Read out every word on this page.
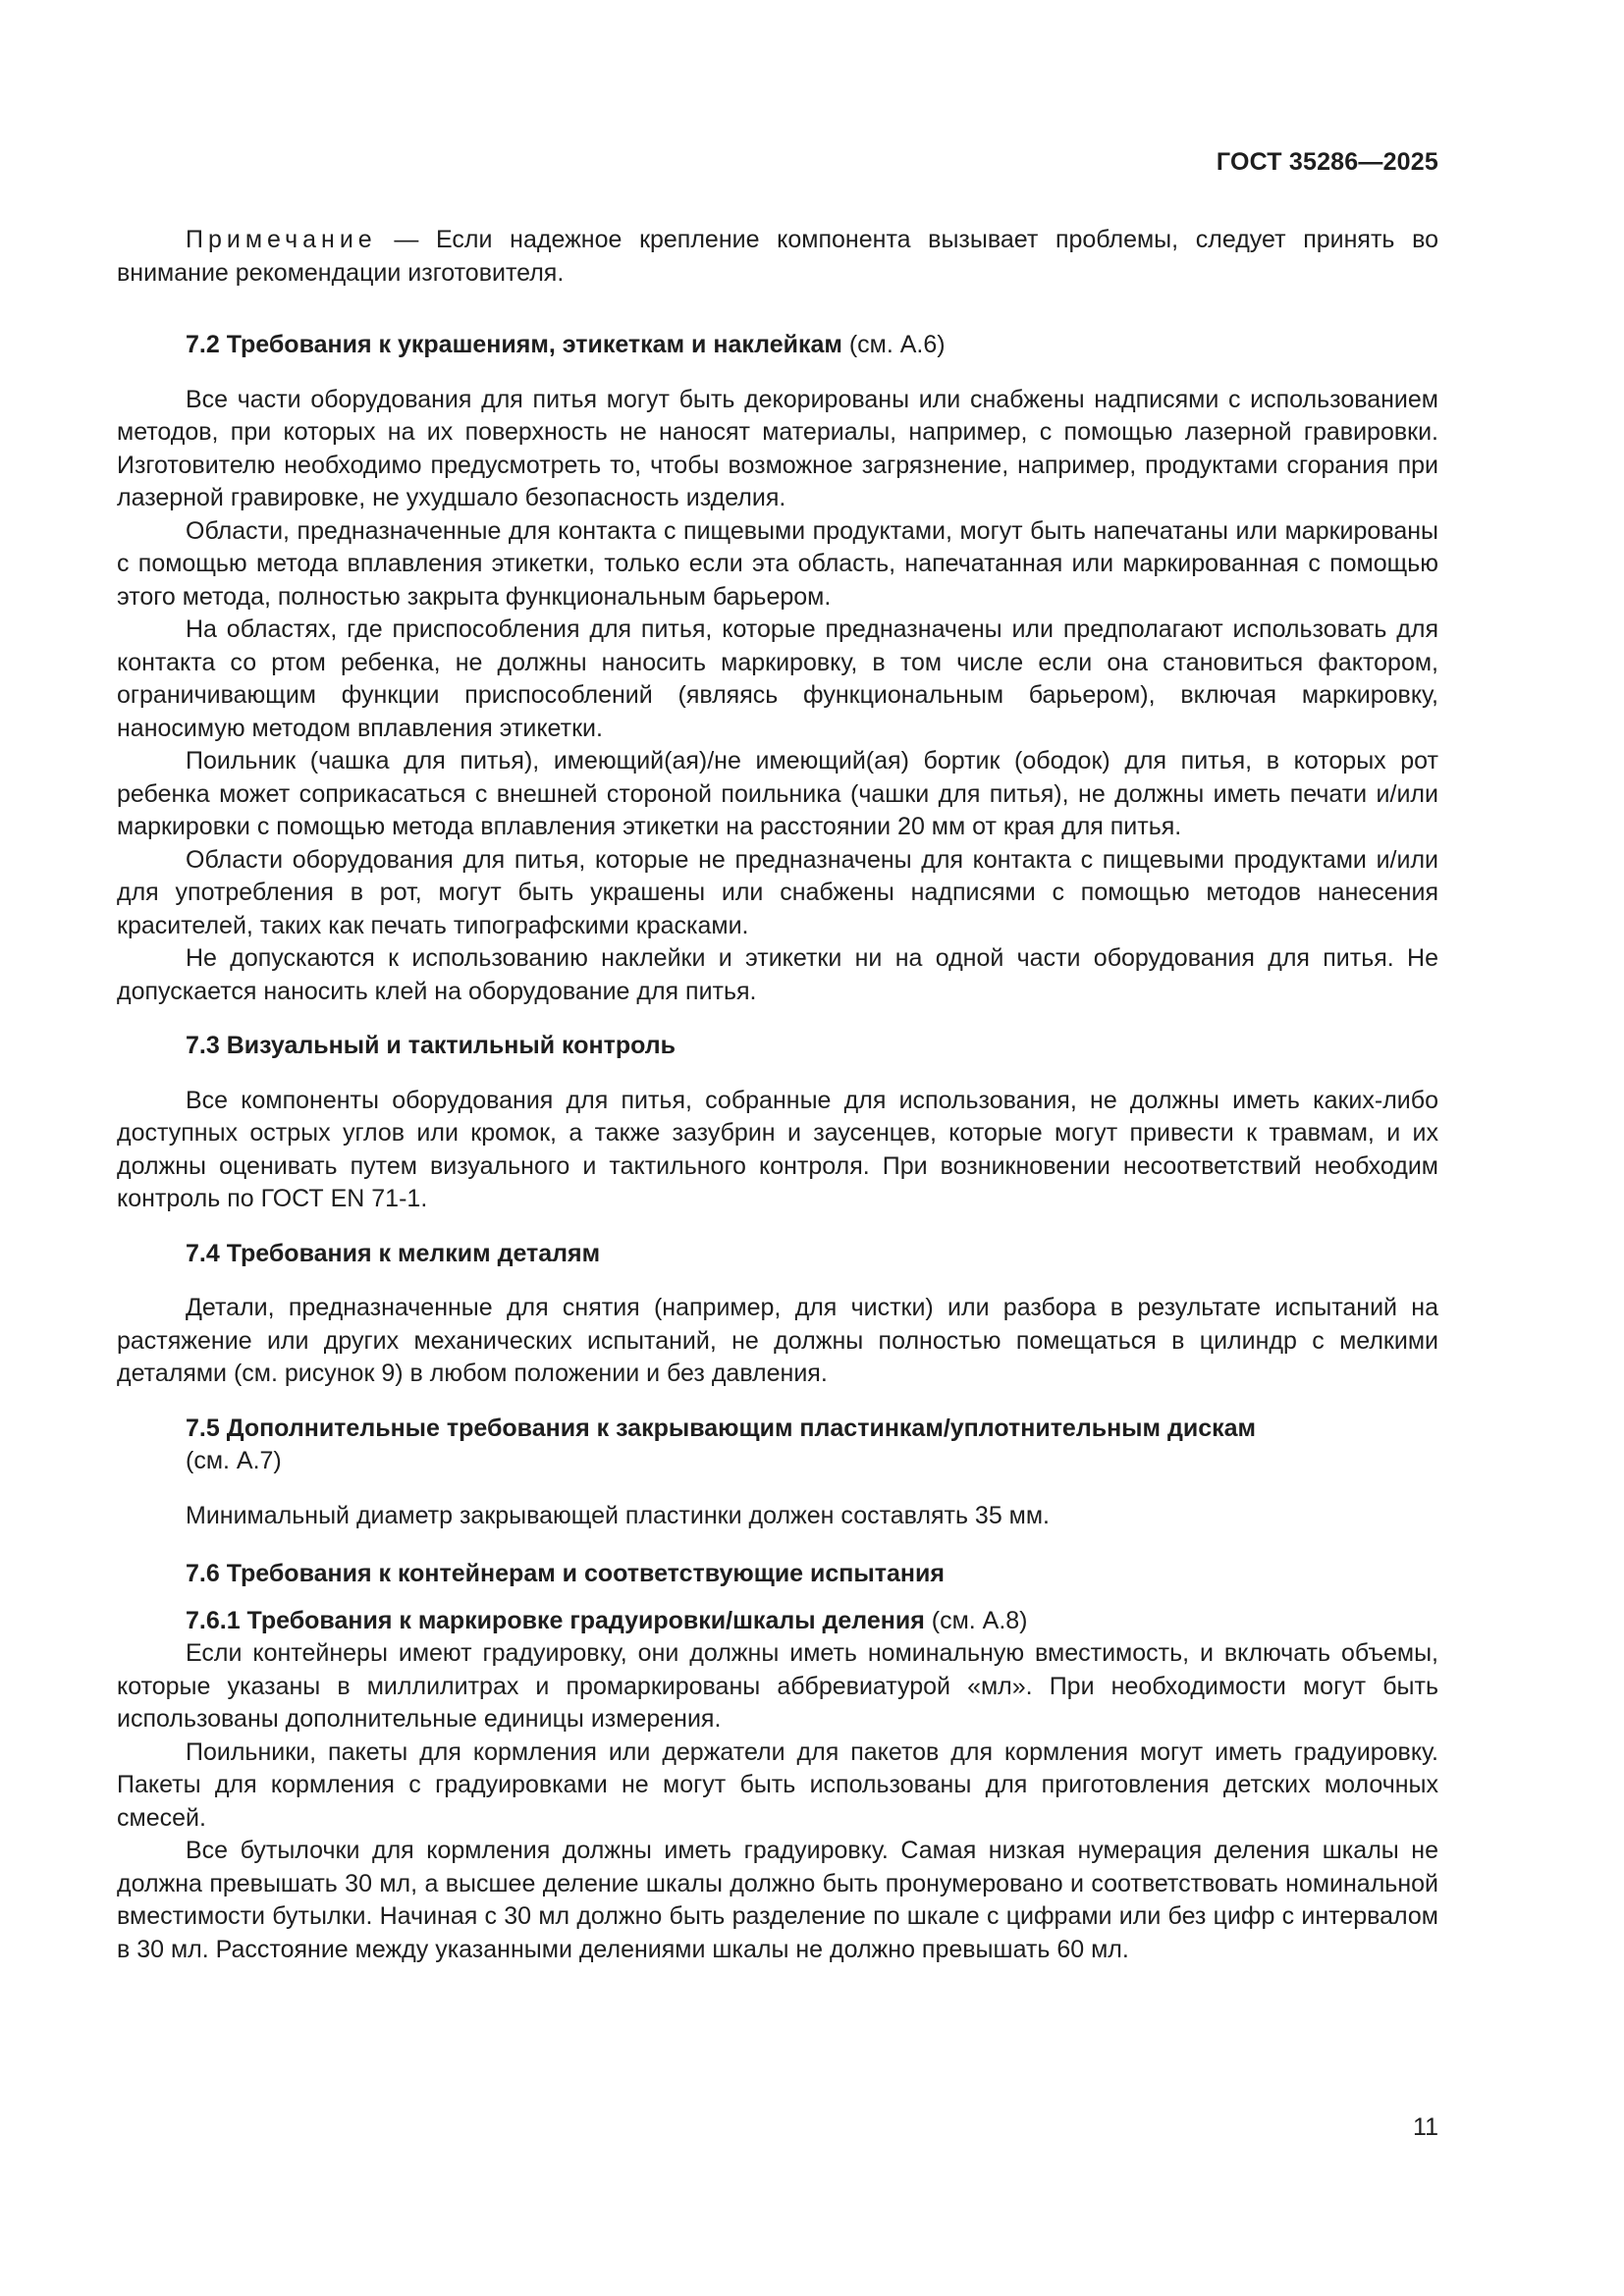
ГОСТ 35286—2025

Примечание — Если надежное крепление компонента вызывает проблемы, следует принять во внимание рекомендации изготовителя.

7.2 Требования к украшениям, этикеткам и наклейкам (см. А.6)

Все части оборудования для питья могут быть декорированы или снабжены надписями с использованием методов, при которых на их поверхность не наносят материалы, например, с помощью лазерной гравировки. Изготовителю необходимо предусмотреть то, чтобы возможное загрязнение, например, продуктами сгорания при лазерной гравировке, не ухудшало безопасность изделия.

Области, предназначенные для контакта с пищевыми продуктами, могут быть напечатаны или маркированы с помощью метода вплавления этикетки, только если эта область, напечатанная или маркированная с помощью этого метода, полностью закрыта функциональным барьером.

На областях, где приспособления для питья, которые предназначены или предполагают использовать для контакта со ртом ребенка, не должны наносить маркировку, в том числе если она становиться фактором, ограничивающим функции приспособлений (являясь функциональным барьером), включая маркировку, наносимую методом вплавления этикетки.

Поильник (чашка для питья), имеющий(ая)/не имеющий(ая) бортик (ободок) для питья, в которых рот ребенка может соприкасаться с внешней стороной поильника (чашки для питья), не должны иметь печати и/или маркировки с помощью метода вплавления этикетки на расстоянии 20 мм от края для питья.

Области оборудования для питья, которые не предназначены для контакта с пищевыми продуктами и/или для употребления в рот, могут быть украшены или снабжены надписями с помощью методов нанесения красителей, таких как печать типографскими красками.

Не допускаются к использованию наклейки и этикетки ни на одной части оборудования для питья. Не допускается наносить клей на оборудование для питья.

7.3 Визуальный и тактильный контроль

Все компоненты оборудования для питья, собранные для использования, не должны иметь каких-либо доступных острых углов или кромок, а также зазубрин и заусенцев, которые могут привести к травмам, и их должны оценивать путем визуального и тактильного контроля. При возникновении несоответствий необходим контроль по ГОСТ EN 71-1.

7.4 Требования к мелким деталям

Детали, предназначенные для снятия (например, для чистки) или разбора в результате испытаний на растяжение или других механических испытаний, не должны полностью помещаться в цилиндр с мелкими деталями (см. рисунок 9) в любом положении и без давления.

7.5 Дополнительные требования к закрывающим пластинкам/уплотнительным дискам
(см. А.7)

Минимальный диаметр закрывающей пластинки должен составлять 35 мм.

7.6 Требования к контейнерам и соответствующие испытания
7.6.1 Требования к маркировке градуировки/шкалы деления (см. А.8)

Если контейнеры имеют градуировку, они должны иметь номинальную вместимость, и включать объемы, которые указаны в миллилитрах и промаркированы аббревиатурой «мл». При необходимости могут быть использованы дополнительные единицы измерения.

Поильники, пакеты для кормления или держатели для пакетов для кормления могут иметь градуировку. Пакеты для кормления с градуировками не могут быть использованы для приготовления детских молочных смесей.

Все бутылочки для кормления должны иметь градуировку. Самая низкая нумерация деления шкалы не должна превышать 30 мл, а высшее деление шкалы должно быть пронумеровано и соответствовать номинальной вместимости бутылки. Начиная с 30 мл должно быть разделение по шкале с цифрами или без цифр с интервалом в 30 мл. Расстояние между указанными делениями шкалы не должно превышать 60 мл.

11
